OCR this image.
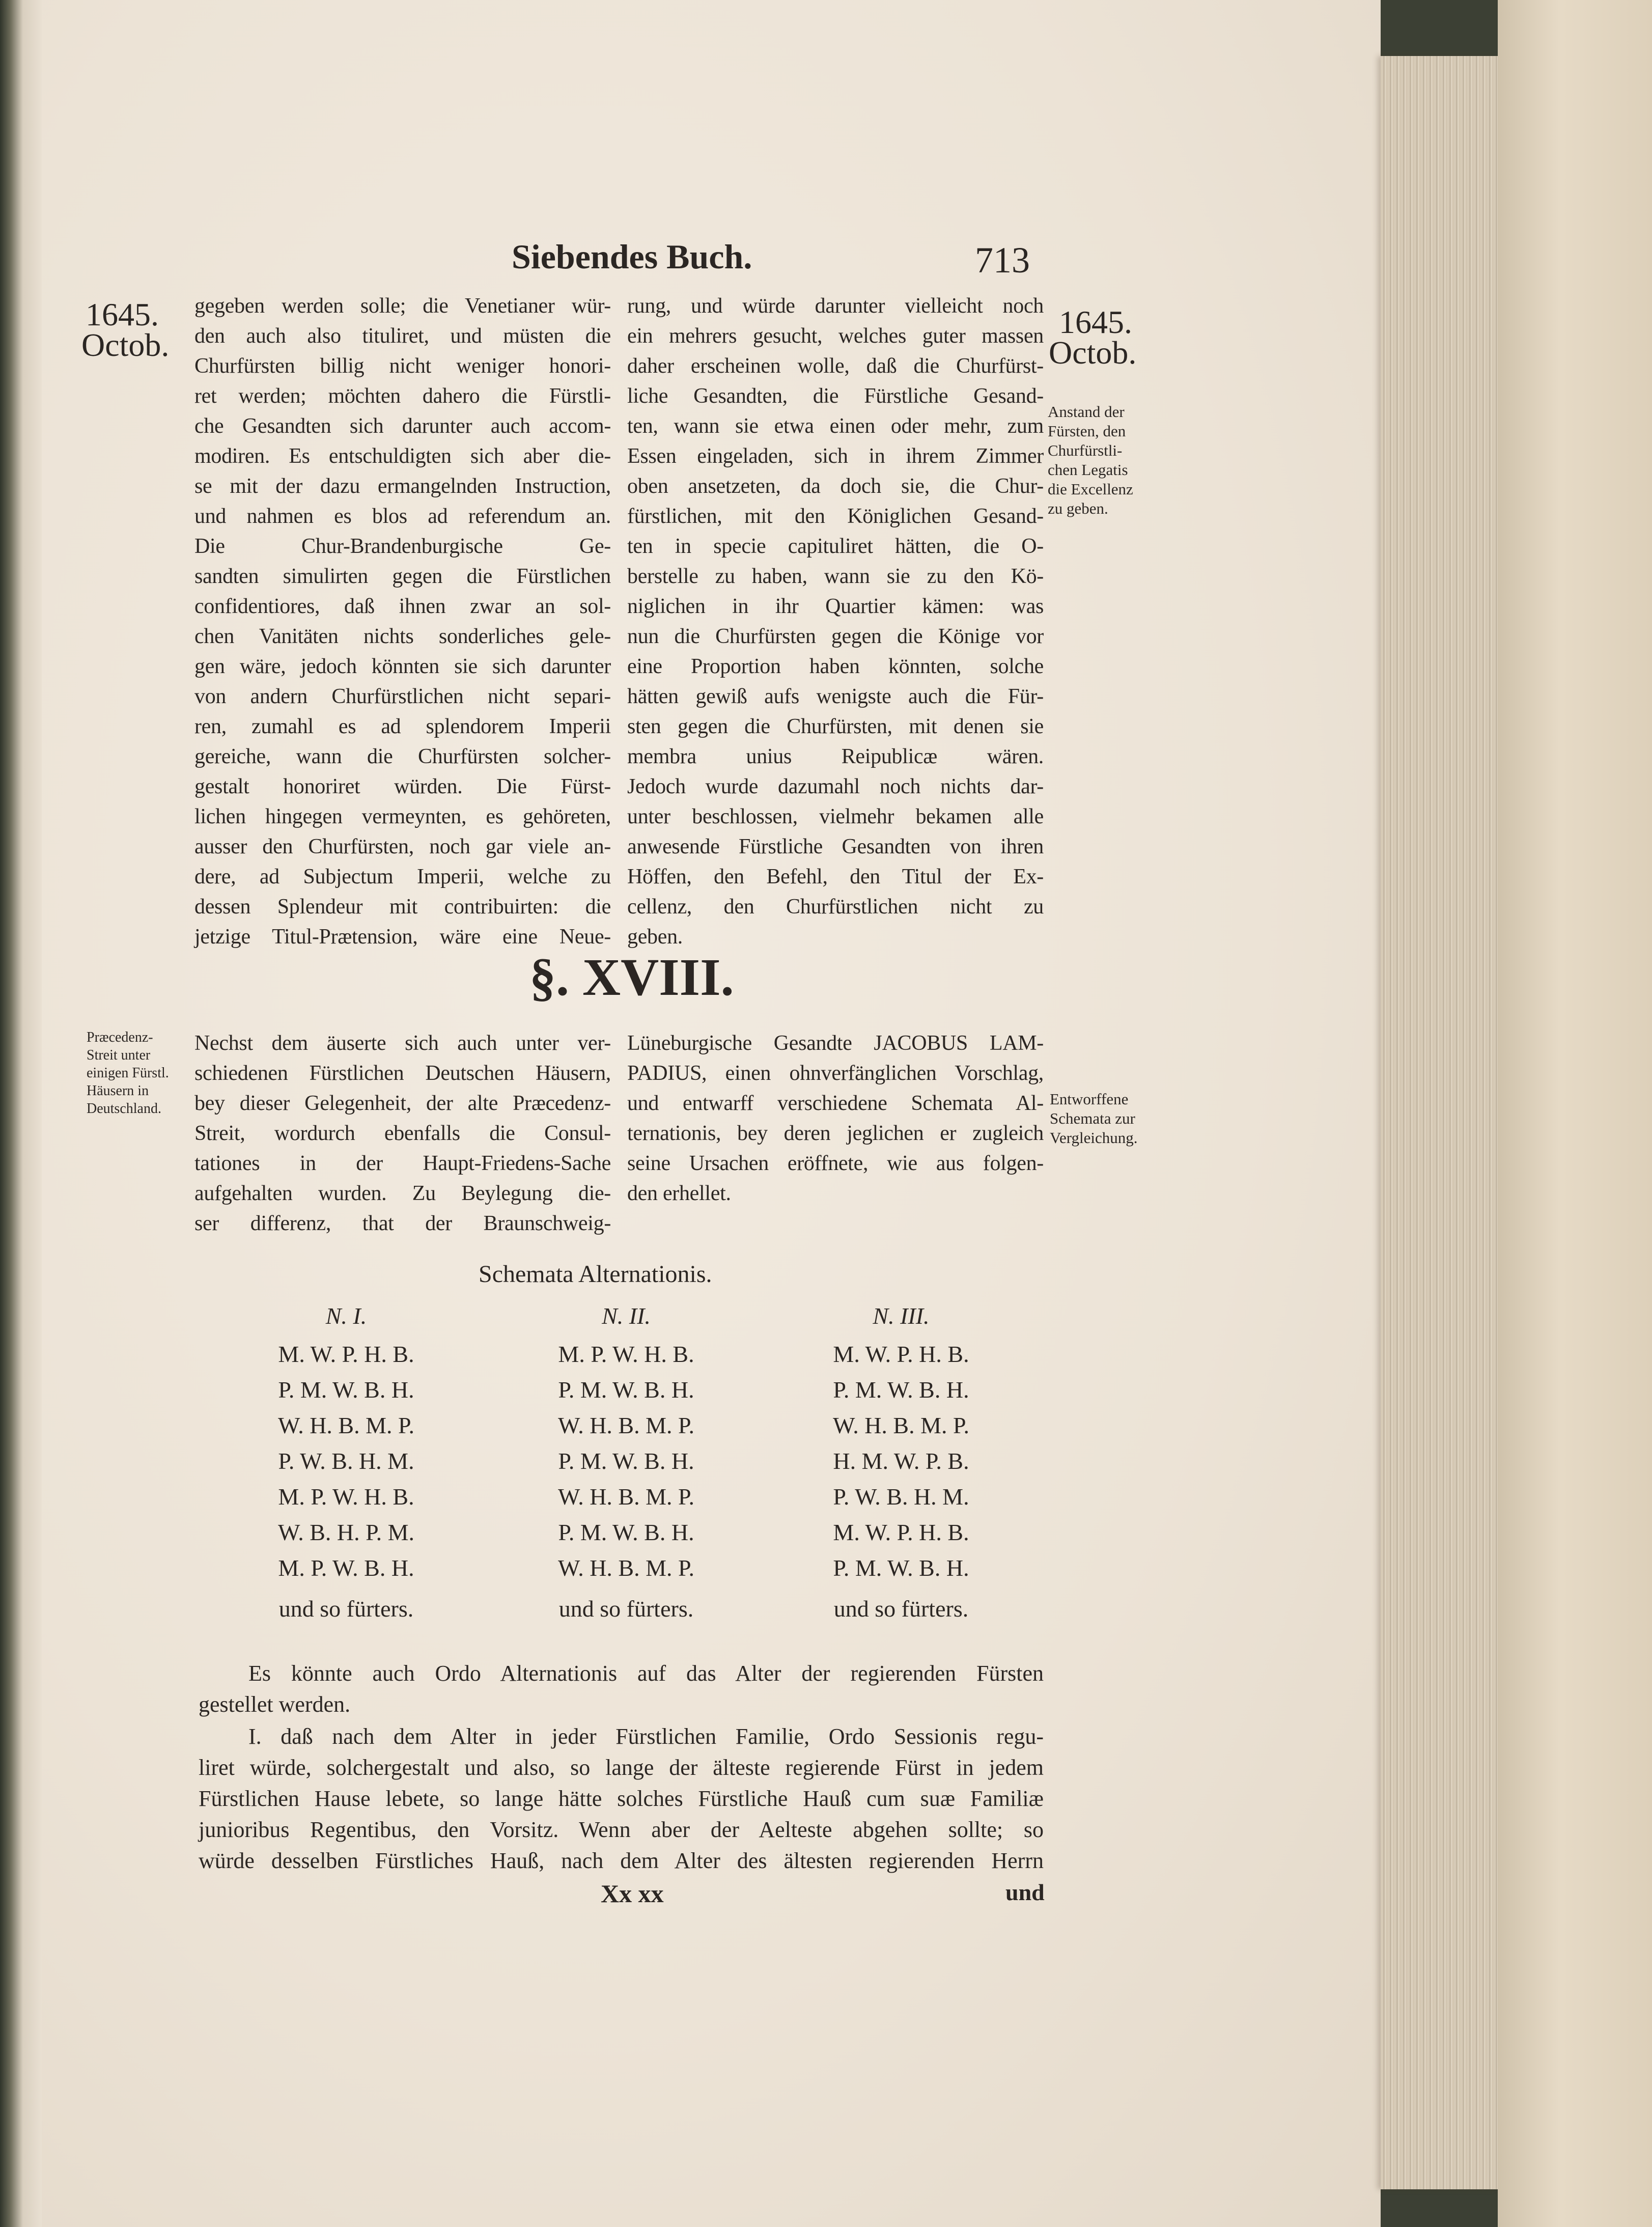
Siebendes Buch.	713
1645.
Octob.
1645.
Octob.
gegeben werden solle; die Venetianer wür-
den auch also tituliret, und müsten die
Churfürsten billig nicht weniger honori-
ret werden; möchten dahero die Fürstli-
che Gesandten sich darunter auch accom-
modiren. Es entschuldigten sich aber die-
se mit der dazu ermangelnden Instruction,
und nahmen es blos ad referendum an.
Die Chur-Brandenburgische Ge-
sandten simulirten gegen die Fürstlichen
confidentiores, daß ihnen zwar an sol-
chen Vanitäten nichts sonderliches gele-
gen wäre, jedoch könnten sie sich darunter
von andern Churfürstlichen nicht separi-
ren, zumahl es ad splendorem Imperii
gereiche, wann die Churfürsten solcher-
gestalt honoriret würden. Die Fürst-
lichen hingegen vermeynten, es gehöreten,
ausser den Churfürsten, noch gar viele an-
dere, ad Subjectum Imperii, welche zu
dessen Splendeur mit contribuirten: die
jetzige Titul-Prætension, wäre eine Neue-
rung, und würde darunter vielleicht noch
ein mehrers gesucht, welches guter massen
daher erscheinen wolle, daß die Churfürst-
liche Gesandten, die Fürstliche Gesand-
ten, wann sie etwa einen oder mehr, zum
Essen eingeladen, sich in ihrem Zimmer
oben ansetzeten, da doch sie, die Chur-
fürstlichen, mit den Königlichen Gesand-
ten in specie capituliret hätten, die O-
berstelle zu haben, wann sie zu den Kö-
niglichen in ihr Quartier kämen: was
nun die Churfürsten gegen die Könige vor
eine Proportion haben könnten, solche
hätten gewiß aufs wenigste auch die Für-
sten gegen die Churfürsten, mit denen sie
membra unius Reipublicæ wären.
Jedoch wurde dazumahl noch nichts dar-
unter beschlossen, vielmehr bekamen alle
anwesende Fürstliche Gesandten von ihren
Höffen, den Befehl, den Titul der Ex-
cellenz, den Churfürstlichen nicht zu
geben.
Anstand der
Fürsten, den
Churfürstli-
chen Legatis
die Excellenz
zu geben.
§. XVIII.
Præcedenz-
Streit unter
einigen Fürstl.
Häusern in
Deutschland.
Nechst dem äuserte sich auch unter ver-
schiedenen Fürstlichen Deutschen Häusern,
bey dieser Gelegenheit, der alte Præcedenz-
Streit, wordurch ebenfalls die Consul-
tationes in der Haupt-Friedens-Sache
aufgehalten wurden. Zu Beylegung die-
ser differenz, that der Braunschweig-
Lüneburgische Gesandte JACOBUS LAM-
PADIUS, einen ohnverfänglichen Vorschlag,
und entwarff verschiedene Schemata Al-
ternationis, bey deren jeglichen er zugleich
seine Ursachen eröffnete, wie aus folgen-
den erhellet.
Entworffene
Schemata zur
Vergleichung.
Schemata Alternationis.
N. I.
M. W. P. H. B.
P. M. W. B. H.
W. H. B. M. P.
P. W. B. H. M.
M. P. W. H. B.
W. B. H. P. M.
M. P. W. B. H.
und so fürters.
N. II.
M. P. W. H. B.
P. M. W. B. H.
W. H. B. M. P.
P. M. W. B. H.
W. H. B. M. P.
P. M. W. B. H.
W. H. B. M. P.
und so fürters.
N. III.
M. W. P. H. B.
P. M. W. B. H.
W. H. B. M. P.
H. M. W. P. B.
P. W. B. H. M.
M. W. P. H. B.
P. M. W. B. H.
und so fürters.
Es könnte auch Ordo Alternationis auf das Alter der regierenden Fürsten
gestellet werden.
I. daß nach dem Alter in jeder Fürstlichen Familie, Ordo Sessionis regu-
liret würde, solchergestalt und also, so lange der älteste regierende Fürst in jedem
Fürstlichen Hause lebete, so lange hätte solches Fürstliche Hauß cum suæ Familiæ
junioribus Regentibus, den Vorsitz. Wenn aber der Aelteste abgehen sollte; so
würde desselben Fürstliches Hauß, nach dem Alter des ältesten regierenden Herrn
Xx xx	und
